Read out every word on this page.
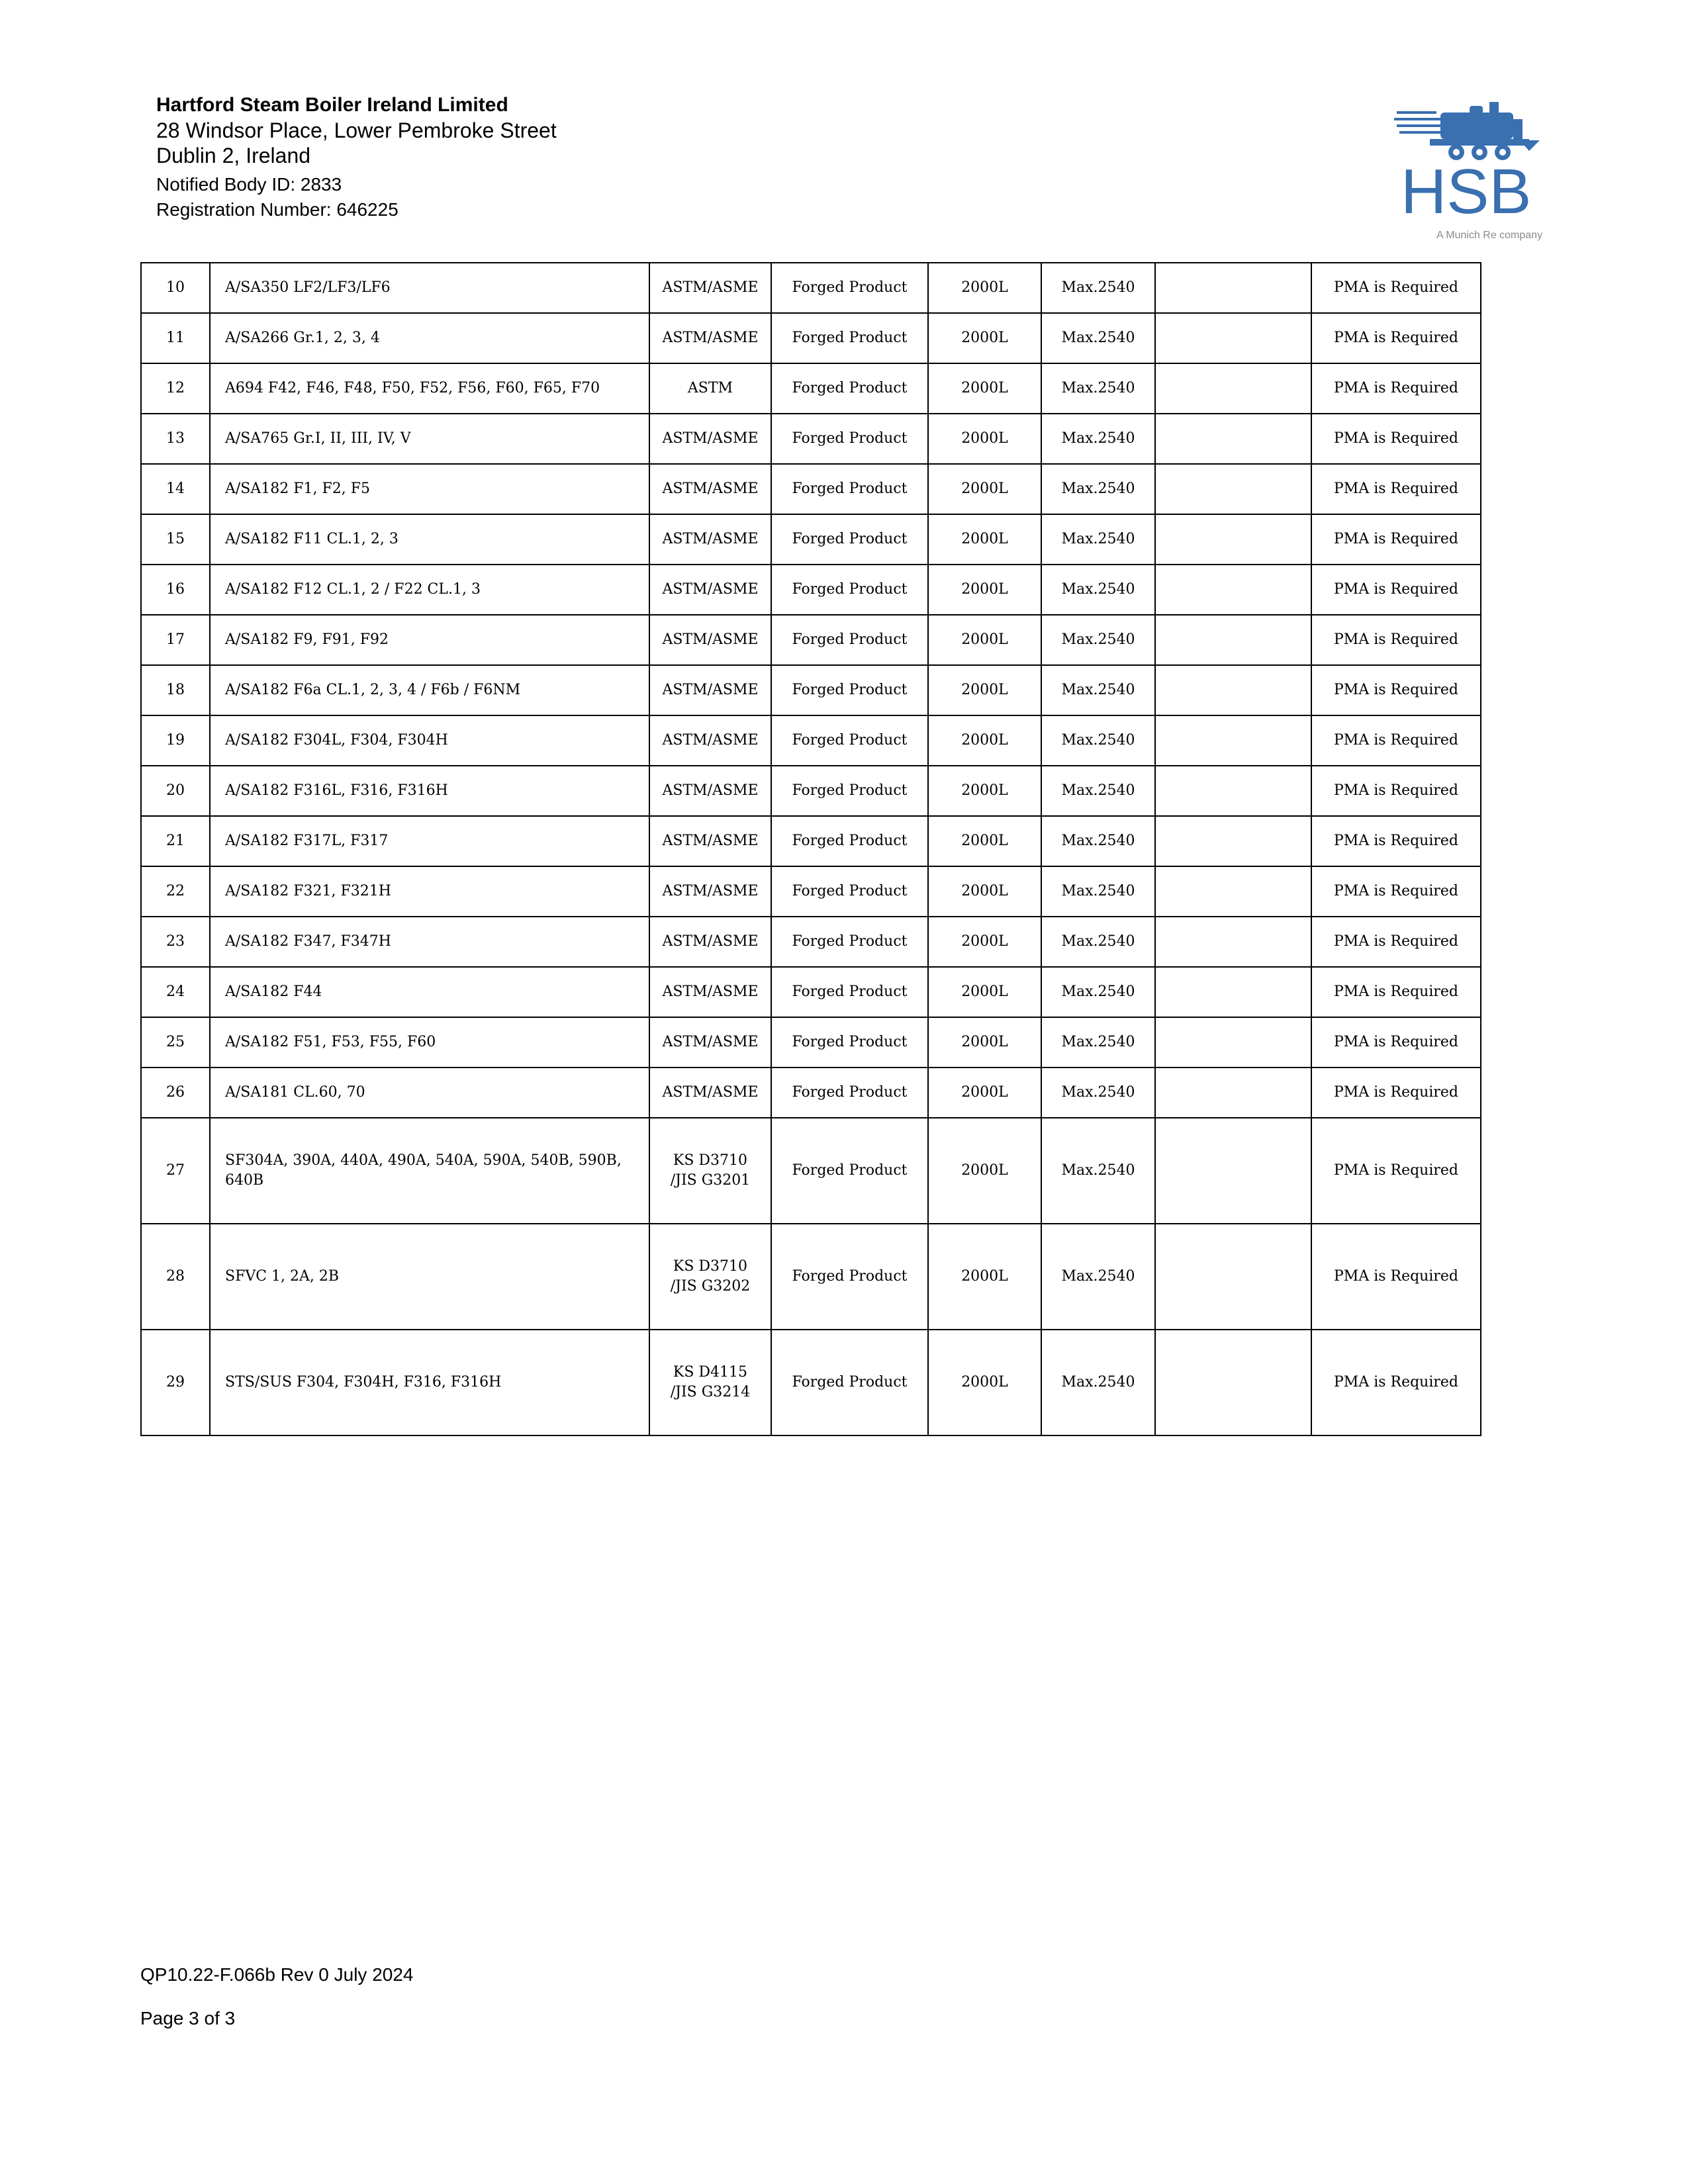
Hartford Steam Boiler Ireland Limited
28 Windsor Place, Lower Pembroke Street
Dublin 2, Ireland
Notified Body ID: 2833
Registration Number: 646225	HSB
A Munich Re company
10	A/SA350 LF2/LF3/LF6	ASTM/ASME	Forged Product	2000L	Max.2540		PMA is Required
11	A/SA266 Gr.1, 2, 3, 4	ASTM/ASME	Forged Product	2000L	Max.2540		PMA is Required
12	A694 F42, F46, F48, F50, F52, F56, F60, F65, F70	ASTM	Forged Product	2000L	Max.2540		PMA is Required
13	A/SA765 Gr.I, II, III, IV, V	ASTM/ASME	Forged Product	2000L	Max.2540		PMA is Required
14	A/SA182 F1, F2, F5	ASTM/ASME	Forged Product	2000L	Max.2540		PMA is Required
15	A/SA182 F11 CL.1, 2, 3	ASTM/ASME	Forged Product	2000L	Max.2540		PMA is Required
16	A/SA182 F12 CL.1, 2 / F22 CL.1, 3	ASTM/ASME	Forged Product	2000L	Max.2540		PMA is Required
17	A/SA182 F9, F91, F92	ASTM/ASME	Forged Product	2000L	Max.2540		PMA is Required
18	A/SA182 F6a CL.1, 2, 3, 4 / F6b / F6NM	ASTM/ASME	Forged Product	2000L	Max.2540		PMA is Required
19	A/SA182 F304L, F304, F304H	ASTM/ASME	Forged Product	2000L	Max.2540		PMA is Required
20	A/SA182 F316L, F316, F316H	ASTM/ASME	Forged Product	2000L	Max.2540		PMA is Required
21	A/SA182 F317L, F317	ASTM/ASME	Forged Product	2000L	Max.2540		PMA is Required
22	A/SA182 F321, F321H	ASTM/ASME	Forged Product	2000L	Max.2540		PMA is Required
23	A/SA182 F347, F347H	ASTM/ASME	Forged Product	2000L	Max.2540		PMA is Required
24	A/SA182 F44	ASTM/ASME	Forged Product	2000L	Max.2540		PMA is Required
25	A/SA182 F51, F53, F55, F60	ASTM/ASME	Forged Product	2000L	Max.2540		PMA is Required
26	A/SA181 CL.60, 70	ASTM/ASME	Forged Product	2000L	Max.2540		PMA is Required
27	SF304A, 390A, 440A, 490A, 540A, 590A, 540B, 590B, 640B	KS D3710
/JIS G3201	Forged Product	2000L	Max.2540		PMA is Required
28	SFVC 1, 2A, 2B	KS D3710
/JIS G3202	Forged Product	2000L	Max.2540		PMA is Required
29	STS/SUS F304, F304H, F316, F316H	KS D4115
/JIS G3214	Forged Product	2000L	Max.2540		PMA is Required
QP10.22-F.066b Rev 0 July 2024
Page 3 of 3
